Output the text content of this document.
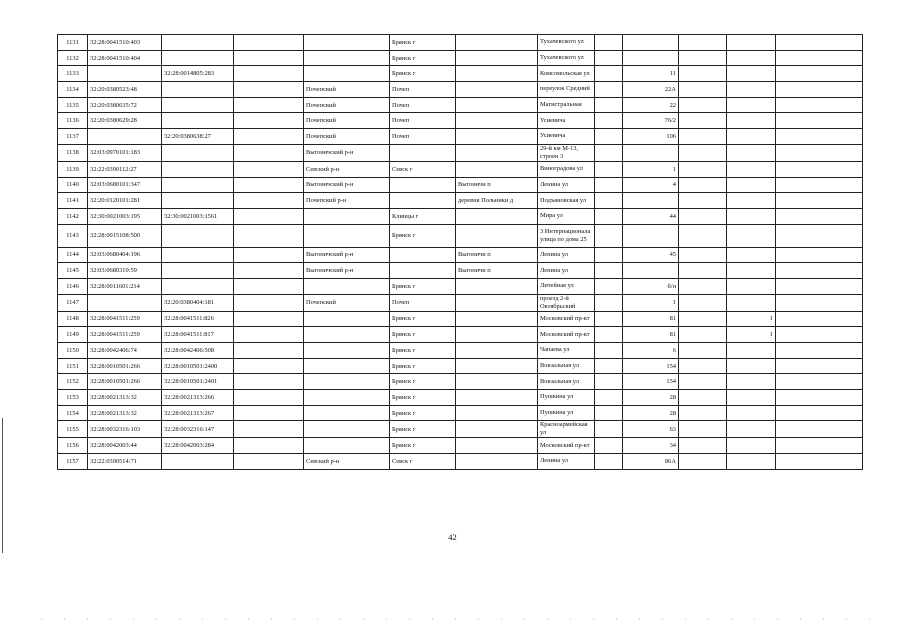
1131	32:28:0041510:403				Брянск г		Тухачевского ул					
1132	32:28:0041510:404				Брянск г		Тухачевского ул					
1133		32:28:0014805:283			Брянск г		Комсомольская ул		11			
1134	32:20:0380523:48			Почепский	Почеп		переулок Средний		22А			
1135	32:20:0380635:72			Почепский	Почеп		Магистральная		22			
1136	32:20:0380629:28			Почепский	Почеп		Усиевича		76/2			
1137		32:20:0380638:27		Почепский	Почеп		Усиевича		106			
1138	32:03:0970101:183			Выгоничский р-н			29-й км М-13, строен 3					
1139	32:22:0390112:27			Севский р-н	Севск г		Виноградова ул		1			
1140	32:03:0680101:347			Выгоничский р-н		Выгоничи п	Ленина ул		4			
1141	32:20:0120101:281			Почепский р-н		деревня Польники д	Подъяновская ул					
1142	32:30:0021003:195	32:30:0021003:1561			Клинцы г		Мира ул		44			
1143	32:28:0015108:500				Брянск г		3 Интернационала улица по дома 25					
1144	32:03:0680404:196			Выгоничский р-н		Выгоничи п	Ленина ул		45			
1145	32:03:0680310:59			Выгоничский р-н		Выгоничи п	Ленина ул					
1146	32:28:0011601:214				Брянск г		Литейная ул		б/н			
1147		32:20:0380404:181		Почепский	Почеп		проезд 2-й Октябрьский		1			
1148	32:28:0041511:259	32:28:0041511:826			Брянск г		Московский пр-кт		81		1	
1149	32:28:0041511:259	32:28:0041511:817			Брянск г		Московский пр-кт		81		1	
1150	32:28:0042406:74	32:28:0042406:508			Брянск г		Чапаева ул		6			
1151	32:28:0010501:266	32:28:0010501:2400			Брянск г		Вокзальная ул		154			
1152	32:28:0010501:266	32:28:0010501:2401			Брянск г		Вокзальная ул		154			
1153	32:28:0021313:32	32:28:0021313:266			Брянск г		Пушкина ул		28			
1154	32:28:0021313:32	32:28:0021313:267			Брянск г		Пушкина ул		28			
1155	32:28:0032316:103	32:28:0032316:147			Брянск г		Красноармейская ул		63			
1156	32:28:0042003:44	32:28:0042003:284			Брянск г		Московский пр-кт		34			
1157	32:22:0390514:71			Севский р-н	Севск г		Ленина ул		86А			
42
